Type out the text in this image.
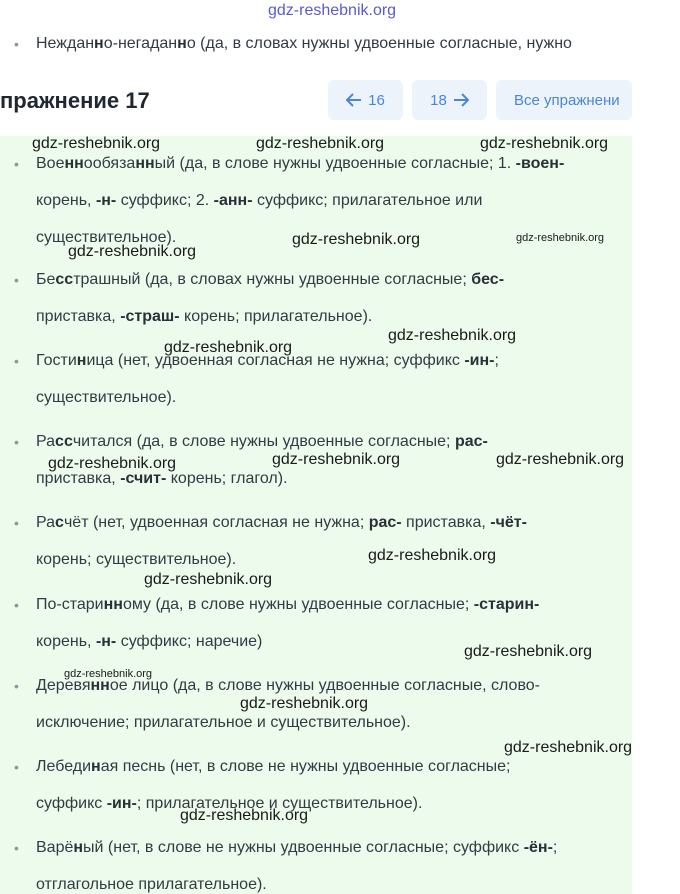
gdz-reshebnik.org
• Нежданно-негаданно (да, в словах нужны удвоенные согласные, нужно
пражнение 17	16	18	Все упражнени
• Военнообязанный (да, в слове нужны удвоенные согласные; 1. -воен-
корень, -н- суффикс; 2. -анн- суффикс; прилагательное или
существительное).
• Бесстрашный (да, в словах нужны удвоенные согласные; бес-
приставка, -страш- корень; прилагательное).
• Гостиница (нет, удвоенная согласная не нужна; суффикс -ин-;
существительное).
• Рассчитался (да, в слове нужны удвоенные согласные; рас-
приставка, -счит- корень; глагол).
• Расчёт (нет, удвоенная согласная не нужна; рас- приставка, -чёт-
корень; существительное).
• По-старинному (да, в слове нужны удвоенные согласные; -старин-
корень, -н- суффикс; наречие)
• Деревянное лицо (да, в слове нужны удвоенные согласные, слово-
исключение; прилагательное и существительное).
• Лебединая песнь (нет, в слове не нужны удвоенные согласные;
суффикс -ин-; прилагательное и существительное).
• Варёный (нет, в слове не нужны удвоенные согласные; суффикс -ён-;
отглагольное прилагательное).
gdz-reshebnik.org	gdz-reshebnik.org	gdz-reshebnik.org
gdz-reshebnik.org	gdz-reshebnik.org
gdz-reshebnik.org
gdz-reshebnik.org
gdz-reshebnik.org
gdz-reshebnik.org	gdz-reshebnik.org	gdz-reshebnik.org
gdz-reshebnik.org
gdz-reshebnik.org
gdz-reshebnik.org
gdz-reshebnik.org
gdz-reshebnik.org
gdz-reshebnik.org
gdz-reshebnik.org
